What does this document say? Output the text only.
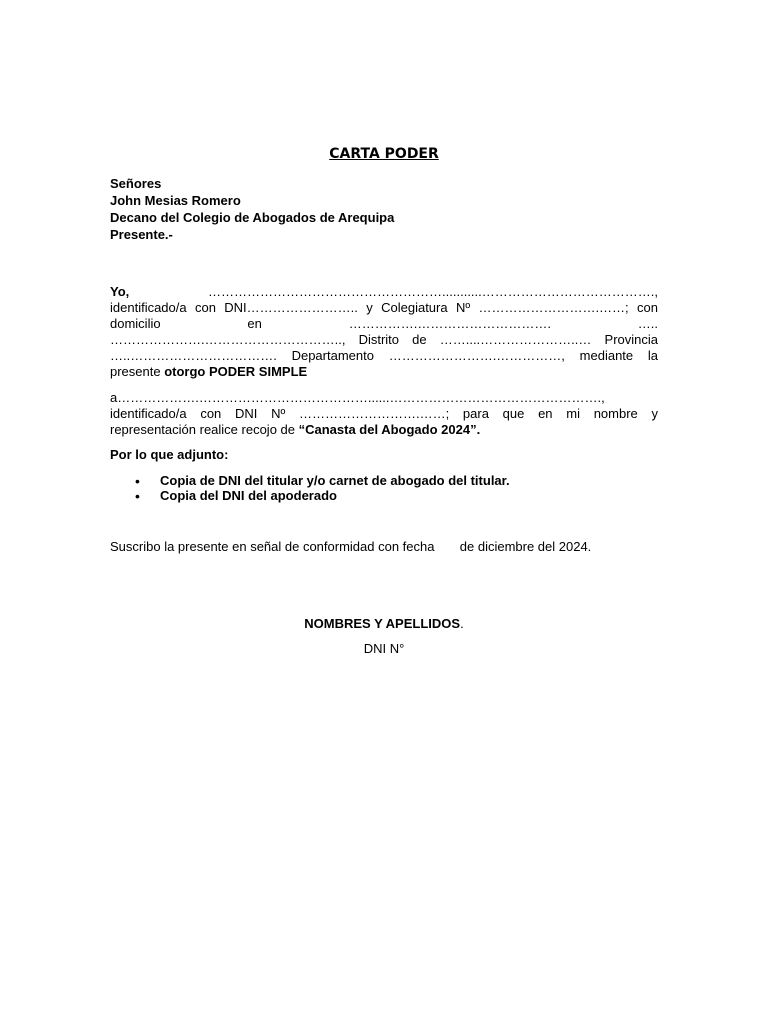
CARTA PODER
Señores
John Mesias Romero
Decano del Colegio de Abogados de Arequipa
Presente.-
Yo,	………………………………………………...........………………………………….,
identificado/a con DNI…………………….. y Colegiatura Nº ……………………….……; con
domicilio en …………….…………………………. …..
………………….………………………….., Distrito de ……....…………………..… Provincia
…..……………………………. Departamento …………………….……………, mediante la
presente otorgo PODER SIMPLE
a……………….…………………………………......………………………………………….,
identificado/a con DNI Nº ……………………….……; para que en mi nombre y
representación realice recojo de “Canasta del Abogado 2024”.
Por lo que adjunto:
• Copia de DNI del titular y/o carnet de abogado del titular.
• Copia del DNI del apoderado
Suscribo la presente en señal de conformidad con fecha       de diciembre del 2024.
NOMBRES Y APELLIDOS.
DNI N°
